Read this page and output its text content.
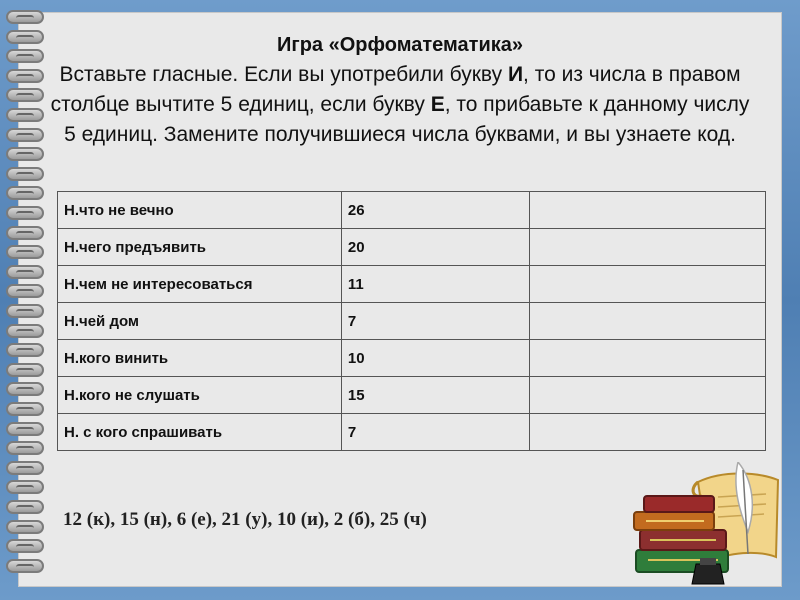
Игра «Орфоматематика»
Вставьте гласные. Если вы употребили букву И, то из числа в правом столбце вычтите 5 единиц, если букву Е, то прибавьте к данному числу 5 единиц. Замените получившиеся числа буквами, и вы узнаете код.
Н.что не вечно	26	
Н.чего предъявить	20	
Н.чем не интересоваться	11	
Н.чей дом	7	
Н.кого винить	10	
Н.кого не слушать	15	
Н. с кого спрашивать	7	
12 (к), 15 (н), 6 (е), 21 (у), 10 (и), 2 (б), 25 (ч)
